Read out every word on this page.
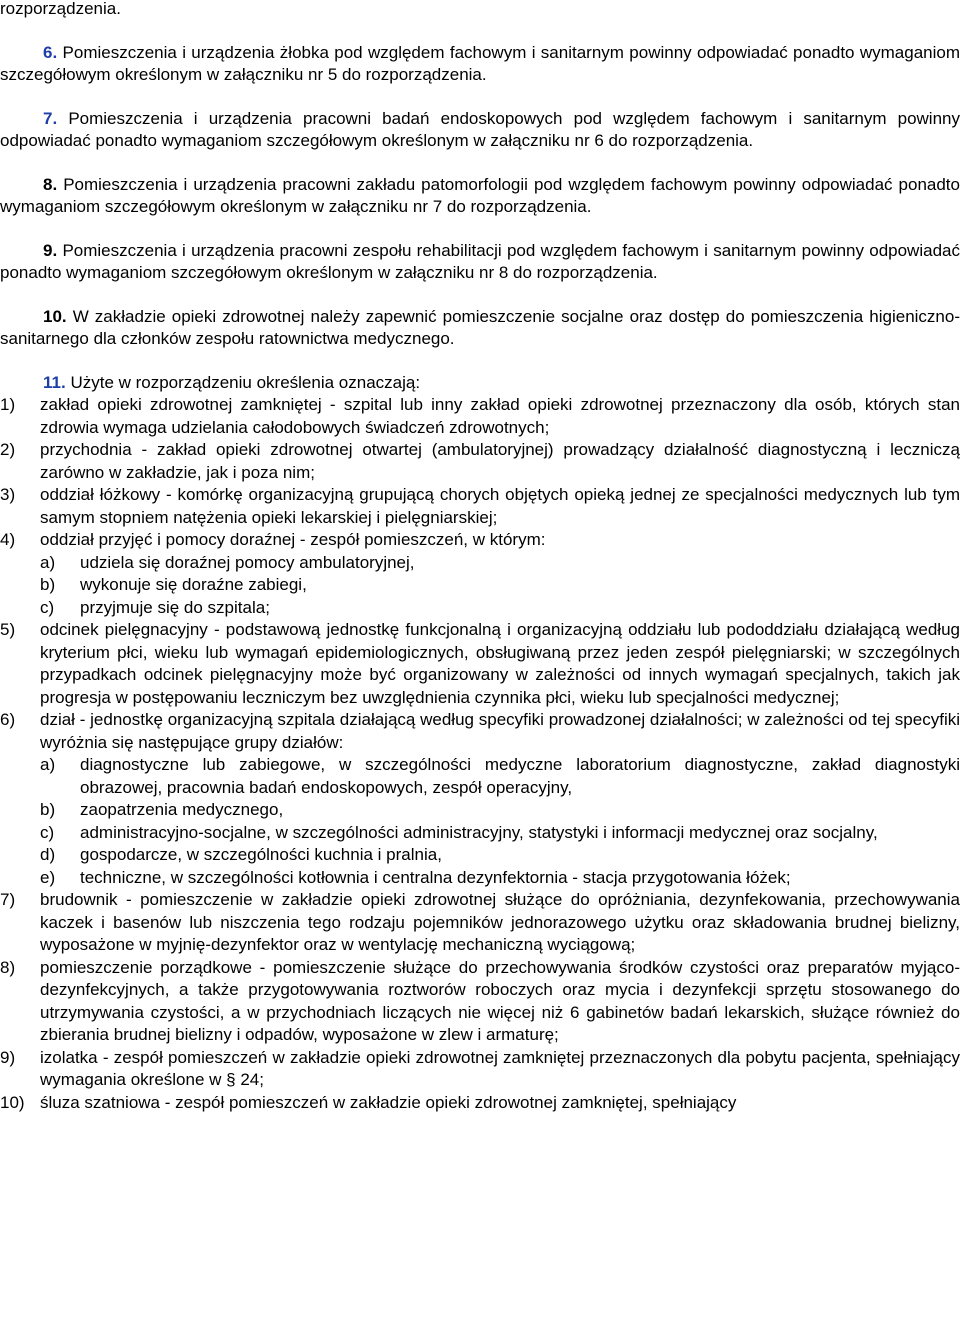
rozporządzenia.

6. Pomieszczenia i urządzenia żłobka pod względem fachowym i sanitarnym powinny odpowiadać ponadto wymaganiom szczegółowym określonym w załączniku nr 5 do rozporządzenia.

7. Pomieszczenia i urządzenia pracowni badań endoskopowych pod względem fachowym i sanitarnym powinny odpowiadać ponadto wymaganiom szczegółowym określonym w załączniku nr 6 do rozporządzenia.

8. Pomieszczenia i urządzenia pracowni zakładu patomorfologii pod względem fachowym powinny odpowiadać ponadto wymaganiom szczegółowym określonym w załączniku nr 7 do rozporządzenia.

9. Pomieszczenia i urządzenia pracowni zespołu rehabilitacji pod względem fachowym i sanitarnym powinny odpowiadać ponadto wymaganiom szczegółowym określonym w załączniku nr 8 do rozporządzenia.

10. W zakładzie opieki zdrowotnej należy zapewnić pomieszczenie socjalne oraz dostęp do pomieszczenia higieniczno-sanitarnego dla członków zespołu ratownictwa medycznego.

11. Użyte w rozporządzeniu określenia oznaczają:

1) zakład opieki zdrowotnej zamkniętej - szpital lub inny zakład opieki zdrowotnej przeznaczony dla osób, których stan zdrowia wymaga udzielania całodobowych świadczeń zdrowotnych;
2) przychodnia - zakład opieki zdrowotnej otwartej (ambulatoryjnej) prowadzący działalność diagnostyczną i leczniczą zarówno w zakładzie, jak i poza nim;
3) oddział łóżkowy - komórkę organizacyjną grupującą chorych objętych opieką jednej ze specjalności medycznych lub tym samym stopniem natężenia opieki lekarskiej i pielęgniarskiej;
4) oddział przyjęć i pomocy doraźnej - zespół pomieszczeń, w którym:
a) udziela się doraźnej pomocy ambulatoryjnej,
b) wykonuje się doraźne zabiegi,
c) przyjmuje się do szpitala;
5) odcinek pielęgnacyjny - podstawową jednostkę funkcjonalną i organizacyjną oddziału lub pododdziału działającą według kryterium płci, wieku lub wymagań epidemiologicznych, obsługiwaną przez jeden zespół pielęgniarski; w szczególnych przypadkach odcinek pielęgnacyjny może być organizowany w zależności od innych wymagań specjalnych, takich jak progresja w postępowaniu leczniczym bez uwzględnienia czynnika płci, wieku lub specjalności medycznej;
6) dział - jednostkę organizacyjną szpitala działającą według specyfiki prowadzonej działalności; w zależności od tej specyfiki wyróżnia się następujące grupy działów:
a) diagnostyczne lub zabiegowe, w szczególności medyczne laboratorium diagnostyczne, zakład diagnostyki obrazowej, pracownia badań endoskopowych, zespół operacyjny,
b) zaopatrzenia medycznego,
c) administracyjno-socjalne, w szczególności administracyjny, statystyki i informacji medycznej oraz socjalny,
d) gospodarcze, w szczególności kuchnia i pralnia,
e) techniczne, w szczególności kotłownia i centralna dezynfektornia - stacja przygotowania łóżek;
7) brudownik - pomieszczenie w zakładzie opieki zdrowotnej służące do opróżniania, dezynfekowania, przechowywania kaczek i basenów lub niszczenia tego rodzaju pojemników jednorazowego użytku oraz składowania brudnej bielizny, wyposażone w myjnię-dezynfektor oraz w wentylację mechaniczną wyciągową;
8) pomieszczenie porządkowe - pomieszczenie służące do przechowywania środków czystości oraz preparatów myjąco-dezynfekcyjnych, a także przygotowywania roztworów roboczych oraz mycia i dezynfekcji sprzętu stosowanego do utrzymywania czystości, a w przychodniach liczących nie więcej niż 6 gabinetów badań lekarskich, służące również do zbierania brudnej bielizny i odpadów, wyposażone w zlew i armaturę;
9) izolatka - zespół pomieszczeń w zakładzie opieki zdrowotnej zamkniętej przeznaczonych dla pobytu pacjenta, spełniający wymagania określone w § 24;
10) śluza szatniowa - zespół pomieszczeń w zakładzie opieki zdrowotnej zamkniętej, spełniający
